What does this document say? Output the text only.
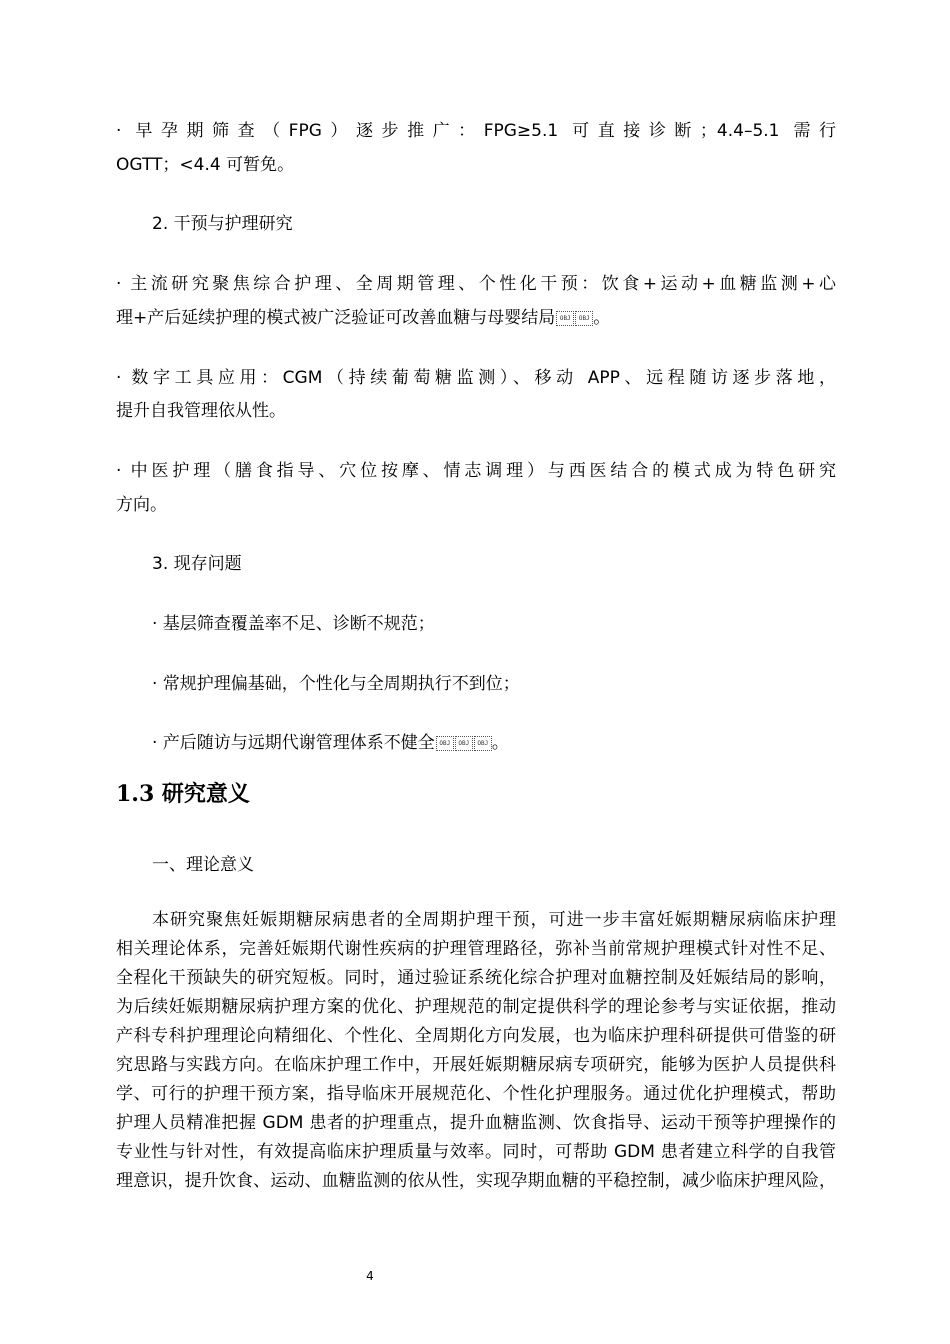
· 早孕期筛查（FPG）逐步推广：FPG≥5.1 可直接诊断；4.4–5.1 需行
OGTT；<4.4 可暂免。
2. 干预与护理研究
· 主流研究聚焦综合护理、全周期管理、个性化干预：饮食+运动+血糖监测+心
理+产后延续护理的模式被广泛验证可改善血糖与母婴结局 OBJ OBJ 。
· 数字工具应用：CGM（持续葡萄糖监测）、移动 APP、远程随访逐步落地，
提升自我管理依从性。
· 中医护理（膳食指导、穴位按摩、情志调理）与西医结合的模式成为特色研究
方向。
3. 现存问题
· 基层筛查覆盖率不足、诊断不规范；
· 常规护理偏基础，个性化与全周期执行不到位；
· 产后随访与远期代谢管理体系不健全 OBJ OBJ OBJ 。
1.3 研究意义
一、理论意义
本研究聚焦妊娠期糖尿病患者的全周期护理干预，可进一步丰富妊娠期糖尿病临床护理
相关理论体系，完善妊娠期代谢性疾病的护理管理路径，弥补当前常规护理模式针对性不足、
全程化干预缺失的研究短板。同时，通过验证系统化综合护理对血糖控制及妊娠结局的影响，
为后续妊娠期糖尿病护理方案的优化、护理规范的制定提供科学的理论参考与实证依据，推动
产科专科护理理论向精细化、个性化、全周期化方向发展，也为临床护理科研提供可借鉴的研
究思路与实践方向。在临床护理工作中，开展妊娠期糖尿病专项研究，能够为医护人员提供科
学、可行的护理干预方案，指导临床开展规范化、个性化护理服务。通过优化护理模式，帮助
护理人员精准把握 GDM 患者的护理重点，提升血糖监测、饮食指导、运动干预等护理操作的
专业性与针对性，有效提高临床护理质量与效率。同时，可帮助 GDM 患者建立科学的自我管
理意识，提升饮食、运动、血糖监测的依从性，实现孕期血糖的平稳控制，减少临床护理风险，
4
